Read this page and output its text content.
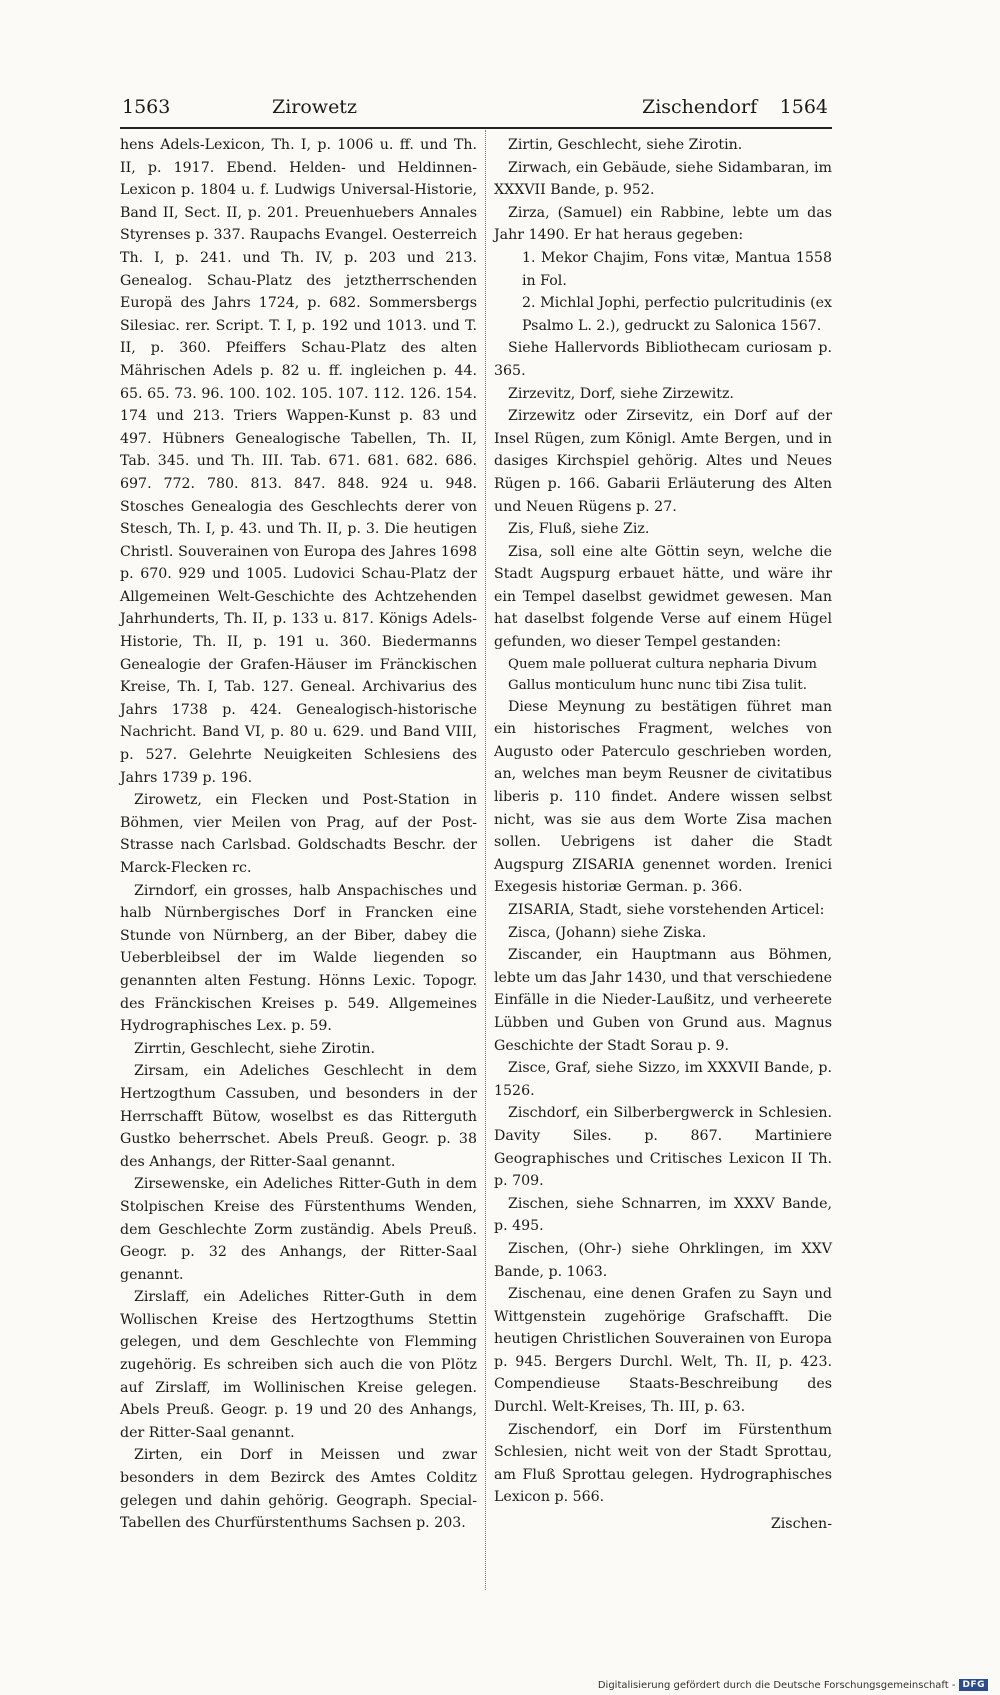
1563	Zirowetz	Zischendorf 1564

hens Adels-Lexicon, Th. I, p. 1006 u. ff. und Th. II, p. 1917. Ebend. Helden- und Heldinnen-Lexicon p. 1804 u. f. Ludwigs Universal-Historie, Band II, Sect. II, p. 201. Preuenhuebers Annales Styrenses p. 337. Raupachs Evangel. Oesterreich Th. I, p. 241. und Th. IV, p. 203 und 213. Genealog. Schau-Platz des jetztherrschenden Europä des Jahrs 1724, p. 682. Sommersbergs Silesiac. rer. Script. T. I, p. 192 und 1013. und T. II, p. 360. Pfeiffers Schau-Platz des alten Mährischen Adels p. 82 u. ff. ingleichen p. 44. 65. 65. 73. 96. 100. 102. 105. 107. 112. 126. 154. 174 und 213. Triers Wappen-Kunst p. 83 und 497. Hübners Genealogische Tabellen, Th. II, Tab. 345. und Th. III. Tab. 671. 681. 682. 686. 697. 772. 780. 813. 847. 848. 924 u. 948. Stosches Genealogia des Geschlechts derer von Stesch, Th. I, p. 43. und Th. II, p. 3. Die heutigen Christl. Souverainen von Europa des Jahres 1698 p. 670. 929 und 1005. Ludovici Schau-Platz der Allgemeinen Welt-Geschichte des Achtzehenden Jahrhunderts, Th. II, p. 133 u. 817. Königs Adels-Historie, Th. II, p. 191 u. 360. Biedermanns Genealogie der Grafen-Häuser im Fränckischen Kreise, Th. I, Tab. 127. Geneal. Archivarius des Jahrs 1738 p. 424. Genealogisch-historische Nachricht. Band VI, p. 80 u. 629. und Band VIII, p. 527. Gelehrte Neuigkeiten Schlesiens des Jahrs 1739 p. 196.

Zirowetz, ein Flecken und Post-Station in Böhmen, vier Meilen von Prag, auf der Post-Strasse nach Carlsbad. Goldschadts Beschr. der Marck-Flecken rc.

Zirndorf, ein grosses, halb Anspachisches und halb Nürnbergisches Dorf in Francken eine Stunde von Nürnberg, an der Biber, dabey die Ueberbleibsel der im Walde liegenden so genannten alten Festung. Hönns Lexic. Topogr. des Fränckischen Kreises p. 549. Allgemeines Hydrographisches Lex. p. 59.

Zirrtin, Geschlecht, siehe Zirotin.

Zirsam, ein Adeliches Geschlecht in dem Hertzogthum Cassuben, und besonders in der Herrschafft Bütow, woselbst es das Ritterguth Gustko beherrschet. Abels Preuß. Geogr. p. 38 des Anhangs, der Ritter-Saal genannt.

Zirsewenske, ein Adeliches Ritter-Guth in dem Stolpischen Kreise des Fürstenthums Wenden, dem Geschlechte Zorm zuständig. Abels Preuß. Geogr. p. 32 des Anhangs, der Ritter-Saal genannt.

Zirslaff, ein Adeliches Ritter-Guth in dem Wollischen Kreise des Hertzogthums Stettin gelegen, und dem Geschlechte von Flemming zugehörig. Es schreiben sich auch die von Plötz auf Zirslaff, im Wollinischen Kreise gelegen. Abels Preuß. Geogr. p. 19 und 20 des Anhangs, der Ritter-Saal genannt.

Zirten, ein Dorf in Meissen und zwar besonders in dem Bezirck des Amtes Colditz gelegen und dahin gehörig. Geograph. Special-Tabellen des Churfürstenthums Sachsen p. 203.

Zirtin, Geschlecht, siehe Zirotin.

Zirwach, ein Gebäude, siehe Sidambaran, im XXXVII Bande, p. 952.

Zirza, (Samuel) ein Rabbine, lebte um das Jahr 1490. Er hat heraus gegeben:

1. Mekor Chajim, Fons vitæ, Mantua 1558 in Fol.

2. Michlal Jophi, perfectio pulcritudinis (ex Psalmo L. 2.), gedruckt zu Salonica 1567.

Siehe Hallervords Bibliothecam curiosam p. 365.

Zirzevitz, Dorf, siehe Zirzewitz.

Zirzewitz oder Zirsevitz, ein Dorf auf der Insel Rügen, zum Königl. Amte Bergen, und in dasiges Kirchspiel gehörig. Altes und Neues Rügen p. 166. Gabarii Erläuterung des Alten und Neuen Rügens p. 27.

Zis, Fluß, siehe Ziz.

Zisa, soll eine alte Göttin seyn, welche die Stadt Augspurg erbauet hätte, und wäre ihr ein Tempel daselbst gewidmet gewesen. Man hat daselbst folgende Verse auf einem Hügel gefunden, wo dieser Tempel gestanden:

Quem male polluerat cultura nepharia Divum

Gallus monticulum hunc nunc tibi Zisa tulit.

Diese Meynung zu bestätigen führet man ein historisches Fragment, welches von Augusto oder Paterculo geschrieben worden, an, welches man beym Reusner de civitatibus liberis p. 110 findet. Andere wissen selbst nicht, was sie aus dem Worte Zisa machen sollen. Uebrigens ist daher die Stadt Augspurg ZISARIA genennet worden. Irenici Exegesis historiæ German. p. 366.

ZISARIA, Stadt, siehe vorstehenden Articel:

Zisca, (Johann) siehe Ziska.

Ziscander, ein Hauptmann aus Böhmen, lebte um das Jahr 1430, und that verschiedene Einfälle in die Nieder-Laußitz, und verheerete Lübben und Guben von Grund aus. Magnus Geschichte der Stadt Sorau p. 9.

Zisce, Graf, siehe Sizzo, im XXXVII Bande, p. 1526.

Zischdorf, ein Silberbergwerck in Schlesien. Davity Siles. p. 867. Martiniere Geographisches und Critisches Lexicon II Th. p. 709.

Zischen, siehe Schnarren, im XXXV Bande, p. 495.

Zischen, (Ohr-) siehe Ohrklingen, im XXV Bande, p. 1063.

Zischenau, eine denen Grafen zu Sayn und Wittgenstein zugehörige Grafschafft. Die heutigen Christlichen Souverainen von Europa p. 945. Bergers Durchl. Welt, Th. II, p. 423. Compendieuse Staats-Beschreibung des Durchl. Welt-Kreises, Th. III, p. 63.

Zischendorf, ein Dorf im Fürstenthum Schlesien, nicht weit von der Stadt Sprottau, am Fluß Sprottau gelegen. Hydrographisches Lexicon p. 566.

Zischen-

Digitalisierung gefördert durch die Deutsche Forschungsgemeinschaft - DFG
